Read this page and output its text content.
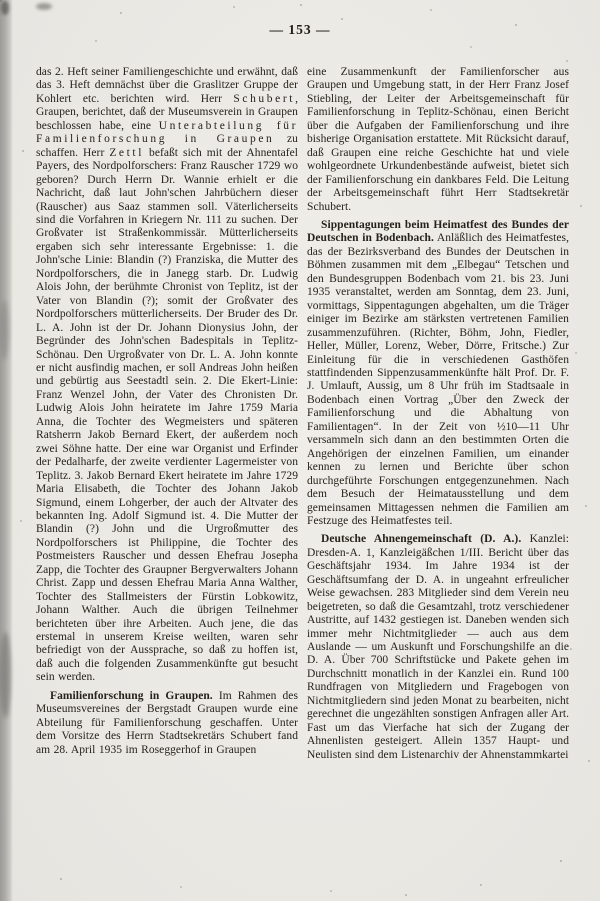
— 153 —

das 2. Heft seiner Familiengeschichte und erwähnt, daß das 3. Heft demnächst über die Graslitzer Gruppe der Kohlert etc. berichten wird. Herr Schubert, Graupen, berichtet, daß der Museumsverein in Graupen beschlossen habe, eine Unterabteilung für Familienforschung in Graupen zu schaffen. Herr Zettl befaßt sich mit der Ahnentafel Payers, des Nordpolforschers: Franz Rauscher 1729 wo geboren? Durch Herrn Dr. Wannie erhielt er die Nachricht, daß laut John'schen Jahrbüchern dieser (Rauscher) aus Saaz stammen soll. Väterlicherseits sind die Vorfahren in Kriegern Nr. 111 zu suchen. Der Großvater ist Straßenkommissär. Mütterlicherseits ergaben sich sehr interessante Ergebnisse: 1. die John'sche Linie: Blandin (?) Franziska, die Mutter des Nordpolforschers, die in Janegg starb. Dr. Ludwig Alois John, der berühmte Chronist von Teplitz, ist der Vater von Blandin (?); somit der Großvater des Nordpolforschers mütterlicherseits. Der Bruder des Dr. L. A. John ist der Dr. Johann Dionysius John, der Begründer des John'schen Badespitals in Teplitz-Schönau. Den Urgroßvater von Dr. L. A. John konnte er nicht ausfindig machen, er soll Andreas John heißen und gebürtig aus Seestadtl sein. 2. Die Ekert-Linie: Franz Wenzel John, der Vater des Chronisten Dr. Ludwig Alois John heiratete im Jahre 1759 Maria Anna, die Tochter des Wegmeisters und späteren Ratsherrn Jakob Bernard Ekert, der außerdem noch zwei Söhne hatte. Der eine war Organist und Erfinder der Pedalharfe, der zweite verdienter Lagermeister von Teplitz. 3. Jakob Bernard Ekert heiratete im Jahre 1729 Maria Elisabeth, die Tochter des Johann Jakob Sigmund, einem Lohgerber, der auch der Altvater des bekannten Ing. Adolf Sigmund ist. 4. Die Mutter der Blandin (?) John und die Urgroßmutter des Nordpolforschers ist Philippine, die Tochter des Postmeisters Rauscher und dessen Ehefrau Josepha Zapp, die Tochter des Graupner Bergverwalters Johann Christ. Zapp und dessen Ehefrau Maria Anna Walther, Tochter des Stallmeisters der Fürstin Lobkowitz, Johann Walther. Auch die übrigen Teilnehmer berichteten über ihre Arbeiten. Auch jene, die das erstemal in unserem Kreise weilten, waren sehr befriedigt von der Aussprache, so daß zu hoffen ist, daß auch die folgenden Zusammenkünfte gut besucht sein werden.

Familienforschung in Graupen. Im Rahmen des Museumsvereines der Bergstadt Graupen wurde eine Abteilung für Familienforschung geschaffen. Unter dem Vorsitze des Herrn Stadtsekretärs Schubert fand am 28. April 1935 im Roseggerhof in Graupen

eine Zusammenkunft der Familienforscher aus Graupen und Umgebung statt, in der Herr Franz Josef Stiebling, der Leiter der Arbeitsgemeinschaft für Familienforschung in Teplitz-Schönau, einen Bericht über die Aufgaben der Familienforschung und ihre bisherige Organisation erstattete. Mit Rücksicht darauf, daß Graupen eine reiche Geschichte hat und viele wohlgeordnete Urkundenbestände aufweist, bietet sich der Familienforschung ein dankbares Feld. Die Leitung der Arbeitsgemeinschaft führt Herr Stadtsekretär Schubert.

Sippentagungen beim Heimatfest des Bundes der Deutschen in Bodenbach. Anläßlich des Heimatfestes, das der Bezirksverband des Bundes der Deutschen in Böhmen zusammen mit dem „Elbegau“ Tetschen und den Bundesgruppen Bodenbach vom 21. bis 23. Juni 1935 veranstaltet, werden am Sonntag, dem 23. Juni, vormittags, Sippentagungen abgehalten, um die Träger einiger im Bezirke am stärksten vertretenen Familien zusammenzuführen. (Richter, Böhm, John, Fiedler, Heller, Müller, Lorenz, Weber, Dörre, Fritsche.) Zur Einleitung für die in verschiedenen Gasthöfen stattfindenden Sippenzusammenkünfte hält Prof. Dr. F. J. Umlauft, Aussig, um 8 Uhr früh im Stadtsaale in Bodenbach einen Vortrag „Über den Zweck der Familienforschung und die Abhaltung von Familientagen“. In der Zeit von ½10—11 Uhr versammeln sich dann an den bestimmten Orten die Angehörigen der einzelnen Familien, um einander kennen zu lernen und Berichte über schon durchgeführte Forschungen entgegenzunehmen. Nach dem Besuch der Heimatausstellung und dem gemeinsamen Mittagessen nehmen die Familien am Festzuge des Heimatfestes teil.

Deutsche Ahnengemeinschaft (D. A.). Kanzlei: Dresden-A. 1, Kanzleigäßchen 1/III. Bericht über das Geschäftsjahr 1934. Im Jahre 1934 ist der Geschäftsumfang der D. A. in ungeahnt erfreulicher Weise gewachsen. 283 Mitglieder sind dem Verein neu beigetreten, so daß die Gesamtzahl, trotz verschiedener Austritte, auf 1432 gestiegen ist. Daneben wenden sich immer mehr Nichtmitglieder — auch aus dem Auslande — um Auskunft und Forschungshilfe an die D. A. Über 700 Schriftstücke und Pakete gehen im Durchschnitt monatlich in der Kanzlei ein. Rund 100 Rundfragen von Mitgliedern und Fragebogen von Nichtmitgliedern sind jeden Monat zu bearbeiten, nicht gerechnet die ungezählten sonstigen Anfragen aller Art. Fast um das Vierfache hat sich der Zugang der Ahnenlisten gesteigert. Allein 1357 Haupt- und Neulisten sind dem Listenarchiv der Ahnenstammkartei
